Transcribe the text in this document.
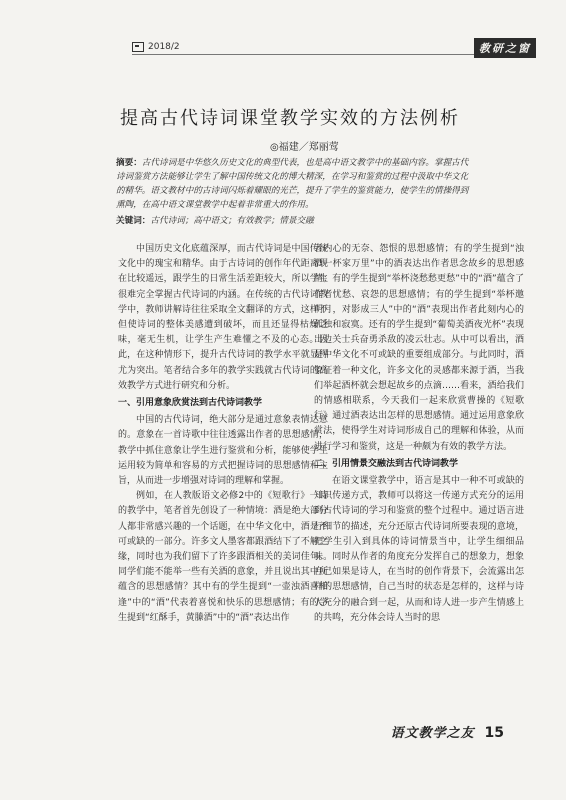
2018/2	教研之窗
提高古代诗词课堂教学实效的方法例析
◎福建／郑丽莺
摘要：古代诗词是中华悠久历史文化的典型代表，也是高中语文教学中的基础内容。掌握古代诗词鉴赏方法能够让学生了解中国传统文化的博大精深，在学习和鉴赏的过程中汲取中华文化的精华。语文教材中的古诗词闪烁着耀眼的光芒，提升了学生的鉴赏能力，使学生的情操得到熏陶，在高中语文课堂教学中起着非常重大的作用。
关键词：古代诗词；高中语文；有效教学；情景交融

中国历史文化底蕴深厚，而古代诗词是中国传统文化中的瑰宝和精华。由于古诗词的创作年代距离现在比较遥远，跟学生的日常生活差距较大，所以学生很难完全掌握古代诗词的内涵。在传统的古代诗词教学中，教师讲解诗往往采取全文翻译的方式，这样不但使诗词的整体美感遭到破坏，而且还显得枯燥乏味，毫无生机，让学生产生难懂之不及的心态。因此，在这种情形下，提升古代诗词的教学水平就显得尤为突出。笔者结合多年的教学实践就古代诗词的高效教学方式进行研究和分析。

一、引用意象欣赏法到古代诗词教学

中国的古代诗词，绝大部分是通过意象表情达意的。意象在一首诗歌中往往透露出作者的思想感情，教学中抓住意象让学生进行鉴赏和分析，能够使学生运用较为简单和容易的方式把握诗词的思想感情和主旨，从而进一步增强对诗词的理解和掌握。

例如，在人教版语文必修2中的《短歌行》一诗的教学中，笔者首先创设了一种情境：酒是绝大部分人都非常感兴趣的一个话题，在中华文化中，酒是不可或缺的一部分。许多文人墨客都跟酒结下了不解之缘，同时也为我们留下了许多跟酒相关的美词佳句。同学们能不能举一些有关酒的意象，并且说出其中所蕴含的思想感情？其中有的学生提到“一壶浊酒喜相逢”中的“酒”代表着喜悦和快乐的思想感情；有的学生提到“红酥手，黄縢酒”中的“酒”表达出作

者内心的无奈、怨恨的思想感情；有的学生提到“浊酒一杯家万里”中的酒表达出作者思念故乡的思想感情；有的学生提到“举杯浇愁愁更愁”中的“酒”蕴含了作者忧愁、哀怨的思想感情；有的学生提到“举杯邀明月，对影成三人”中的“酒”表现出作者此刻内心的孤独和寂寞。还有的学生提到“葡萄美酒夜光杯”表现出边关士兵奋勇杀敌的凌云壮志。从中可以看出，酒是中华文化不可或缺的重要组成部分。与此同时，酒象征着一种文化，许多文化的灵感都来源于酒，当我们举起酒杯就会想起故乡的点滴……看来，酒给我们的情感相联系，今天我们一起来欣赏曹操的《短歌行》通过酒表达出怎样的思想感情。通过运用意象欣赏法，使得学生对诗词形成自己的理解和体验，从而进行学习和鉴赏，这是一种颇为有效的教学方法。

二、引用情景交融法到古代诗词教学

在语文课堂教学中，语言是其中一种不可或缺的知识传递方式，教师可以将这一传递方式充分的运用到古代诗词的学习和鉴赏的整个过程中。通过语言进行细节的描述，充分还原古代诗词所要表现的意境，把学生引入到具体的诗词情景当中，让学生细细品味。同时从作者的角度充分发挥自己的想象力，想象自己如果是诗人，在当时的创作背景下，会流露出怎样的思想感情，自己当时的状态是怎样的，这样与诗人充分的融合到一起，从而和诗人进一步产生情感上的共鸣，充分体会诗人当时的思

语文教学之友 15
